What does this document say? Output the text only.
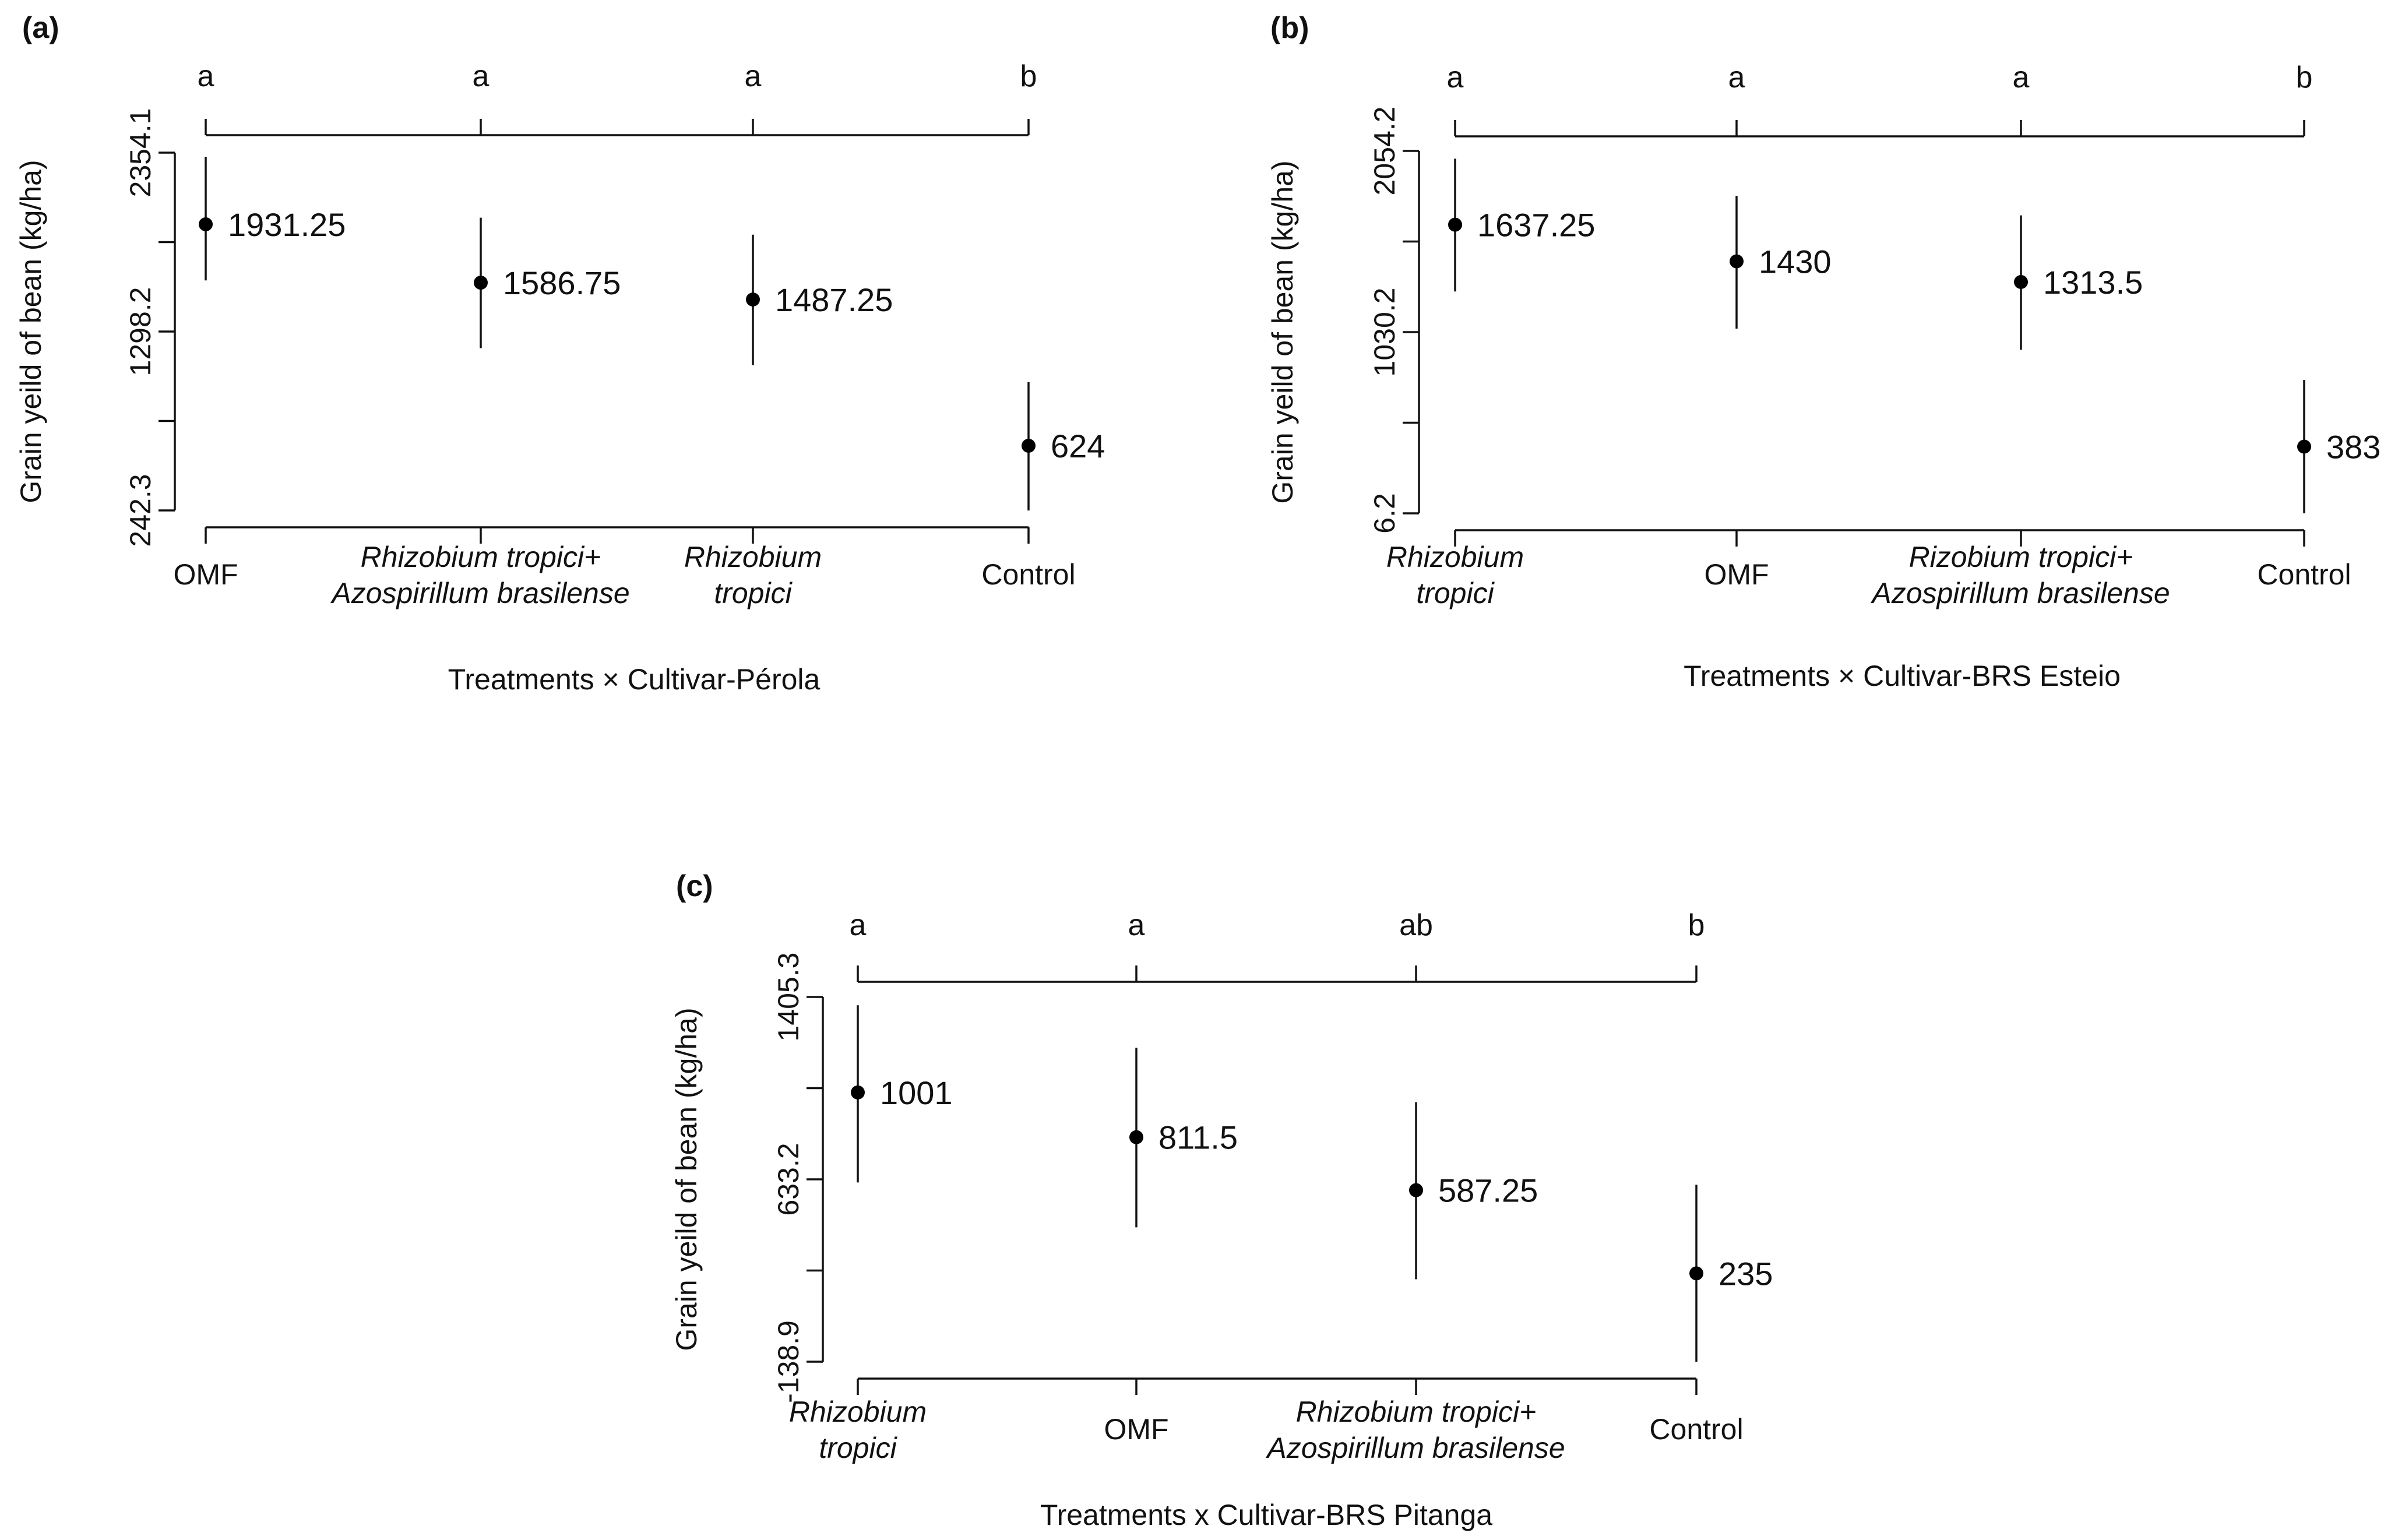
(a)
Grain yeild of bean (kg/ha)
Treatments × Cultivar-Pérola
242.3
1298.2
2354.1
a
OMF
1931.25
a
Rhizobium tropici+ Azospirillum brasilense
1586.75
a
Rhizobium tropici
1487.25
b
Control
624
(b)
Grain yeild of bean (kg/ha)
Treatments × Cultivar-BRS Esteio
6.2
1030.2
2054.2
a
Rhizobium tropici
1637.25
a
OMF
1430
a
Rizobium tropici+ Azospirillum brasilense
1313.5
b
Control
383
(c)
Grain yeild of bean (kg/ha)
Treatments x Cultivar-BRS Pitanga
-138.9
633.2
1405.3
a
Rhizobium tropici
1001
a
OMF
811.5
ab
Rhizobium tropici+ Azospirillum brasilense
587.25
b
Control
235
